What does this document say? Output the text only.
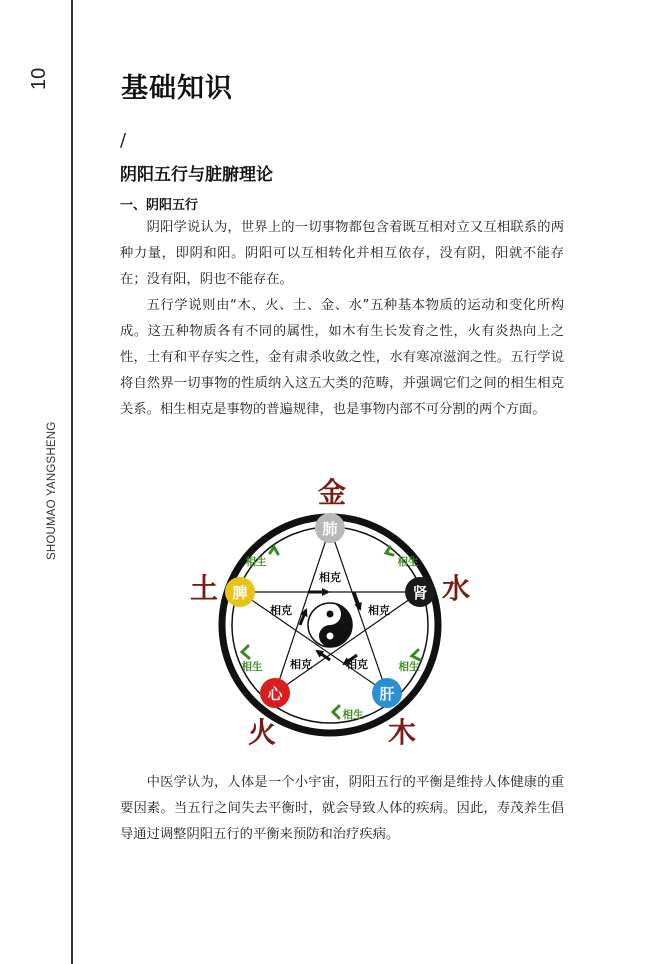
10
SHOUMAO YANGSHENG
基础知识
/
阴阳五行与脏腑理论
一、阴阳五行

阴阳学说认为，世界上的一切事物都包含着既互相对立又互相联系的两种力量，即阴和阳。阴阳可以互相转化并相互依存，没有阴，阳就不能存在；没有阳，阴也不能存在。

五行学说则由“木、火、土、金、水”五种基本物质的运动和变化所构成。这五种物质各有不同的属性，如木有生长发育之性，火有炎热向上之性，土有和平存实之性，金有肃杀收敛之性，水有寒凉滋润之性。五行学说将自然界一切事物的性质纳入这五大类的范畴，并强调它们之间的相生相克关系。相生相克是事物的普遍规律，也是事物内部不可分割的两个方面。

相克
相克	相克
相克	相克
相生	相生
相生	相生
相生
肺
肾
肝
心
脾
金
水
土
火	木

中医学认为，人体是一个小宇宙，阴阳五行的平衡是维持人体健康的重要因素。当五行之间失去平衡时，就会导致人体的疾病。因此，寿茂养生倡导通过调整阴阳五行的平衡来预防和治疗疾病。
